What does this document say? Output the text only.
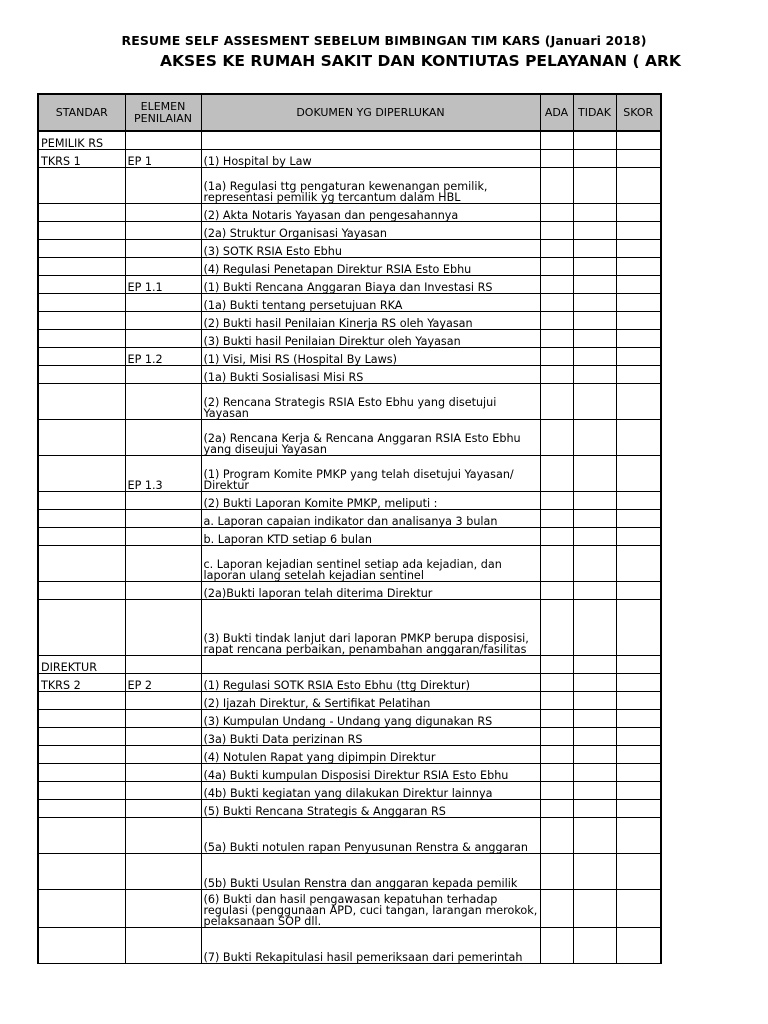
RESUME SELF ASSESMENT SEBELUM BIMBINGAN TIM KARS (Januari 2018)
AKSES KE RUMAH SAKIT DAN KONTIUTAS PELAYANAN ( ARK
STANDAR	ELEMEN PENILAIAN	DOKUMEN YG DIPERLUKAN	ADA	TIDAK	SKOR
PEMILIK RS					
TKRS 1	EP 1	(1) Hospital by Law			
		(1a) Regulasi ttg pengaturan kewenangan pemilik, representasi pemilik yg tercantum dalam HBL			
		(2) Akta Notaris Yayasan dan pengesahannya			
		(2a) Struktur Organisasi Yayasan			
		(3) SOTK RSIA Esto Ebhu			
		(4) Regulasi Penetapan Direktur RSIA Esto Ebhu			
	EP 1.1	(1) Bukti Rencana Anggaran Biaya dan Investasi RS			
		(1a) Bukti tentang persetujuan RKA			
		(2) Bukti hasil Penilaian Kinerja RS oleh Yayasan			
		(3) Bukti hasil Penilaian Direktur oleh Yayasan			
	EP 1.2	(1) Visi, Misi RS (Hospital By Laws)			
		(1a) Bukti Sosialisasi Misi RS			
		(2) Rencana Strategis RSIA Esto Ebhu yang disetujui Yayasan			
		(2a) Rencana Kerja & Rencana Anggaran RSIA Esto Ebhu yang diseujui Yayasan			
	EP 1.3	(1) Program Komite PMKP yang telah disetujui Yayasan/ Direktur			
		(2) Bukti Laporan Komite PMKP, meliputi :			
		a. Laporan capaian indikator dan analisanya 3 bulan			
		b. Laporan KTD setiap 6 bulan			
		c. Laporan kejadian sentinel setiap ada kejadian, dan laporan ulang setelah kejadian sentinel			
		(2a)Bukti laporan telah diterima Direktur			
		(3) Bukti tindak lanjut dari laporan PMKP berupa disposisi, rapat rencana perbaikan, penambahan anggaran/fasilitas			
DIREKTUR					
TKRS 2	EP 2	(1) Regulasi SOTK RSIA Esto Ebhu (ttg Direktur)			
		(2) Ijazah Direktur, & Sertifikat Pelatihan			
		(3) Kumpulan Undang - Undang yang digunakan RS			
		(3a) Bukti Data perizinan RS			
		(4) Notulen Rapat yang dipimpin Direktur			
		(4a) Bukti kumpulan Disposisi Direktur RSIA Esto Ebhu			
		(4b) Bukti kegiatan yang dilakukan Direktur lainnya			
		(5) Bukti Rencana Strategis & Anggaran RS			
		(5a) Bukti notulen rapan Penyusunan Renstra & anggaran			
		(5b) Bukti Usulan Renstra dan anggaran kepada pemilik			
		(6) Bukti dan hasil pengawasan kepatuhan terhadap regulasi (penggunaan APD, cuci tangan, larangan merokok, pelaksanaan SOP dll.			
		(7) Bukti Rekapitulasi hasil pemeriksaan dari pemerintah			
